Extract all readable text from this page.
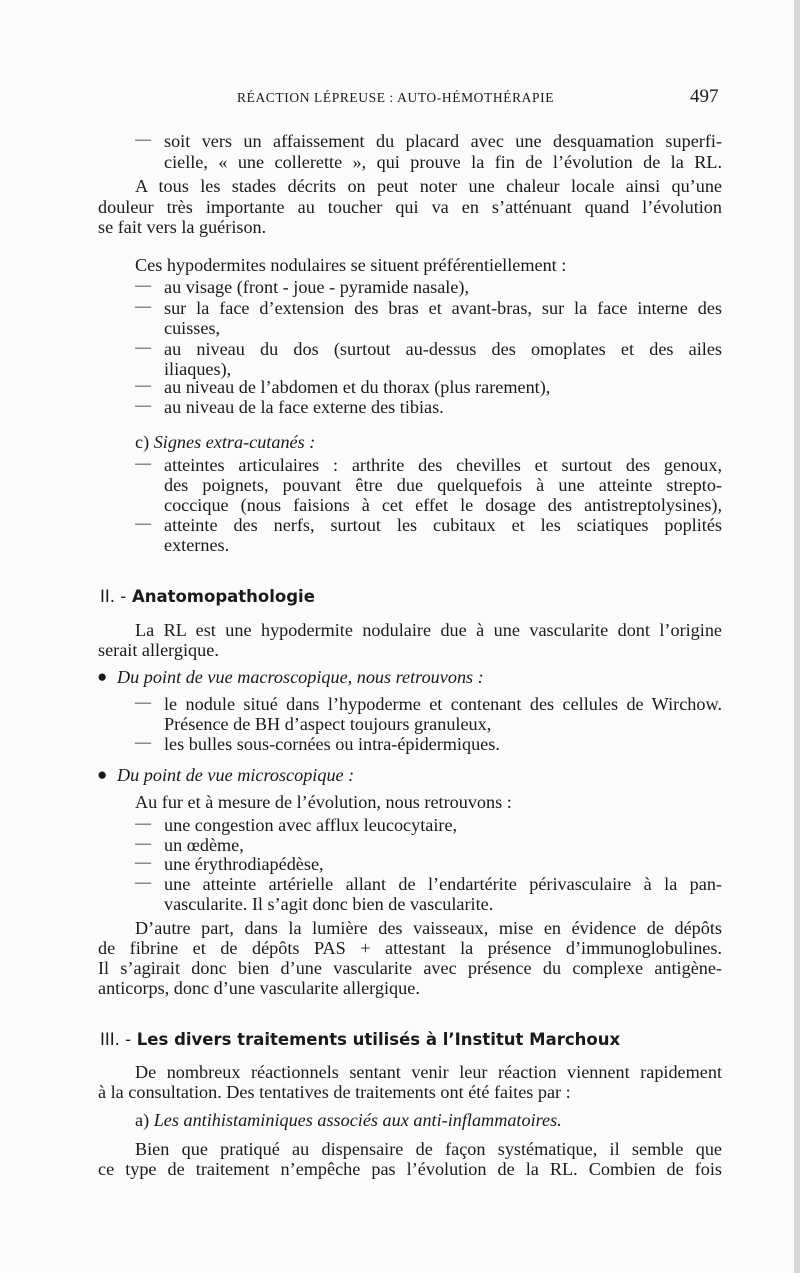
RÉACTION LÉPREUSE : AUTO-HÉMOTHÉRAPIE	497
— soit vers un affaissement du placard avec une desquamation superfi-
cielle, « une collerette », qui prouve la fin de l’évolution de la RL.
A tous les stades décrits on peut noter une chaleur locale ainsi qu’une
douleur très importante au toucher qui va en s’atténuant quand l’évolution
se fait vers la guérison.
Ces hypodermites nodulaires se situent préférentiellement :
— au visage (front - joue - pyramide nasale),
— sur la face d’extension des bras et avant-bras, sur la face interne des
cuisses,
— au niveau du dos (surtout au-dessus des omoplates et des ailes
iliaques),
— au niveau de l’abdomen et du thorax (plus rarement),
— au niveau de la face externe des tibias.
c) Signes extra-cutanés :
— atteintes articulaires : arthrite des chevilles et surtout des genoux,
des poignets, pouvant être due quelquefois à une atteinte strepto-
coccique (nous faisions à cet effet le dosage des antistreptolysines),
— atteinte des nerfs, surtout les cubitaux et les sciatiques poplités
externes.
II. - Anatomopathologie
La RL est une hypodermite nodulaire due à une vascularite dont l’origine
serait allergique.
● Du point de vue macroscopique, nous retrouvons :
— le nodule situé dans l’hypoderme et contenant des cellules de Wirchow.
Présence de BH d’aspect toujours granuleux,
— les bulles sous-cornées ou intra-épidermiques.
● Du point de vue microscopique :
Au fur et à mesure de l’évolution, nous retrouvons :
— une congestion avec afflux leucocytaire,
— un œdème,
— une érythrodiapédèse,
— une atteinte artérielle allant de l’endartérite périvasculaire à la pan-
vascularite. Il s’agit donc bien de vascularite.
D’autre part, dans la lumière des vaisseaux, mise en évidence de dépôts
de fibrine et de dépôts PAS + attestant la présence d’immunoglobulines.
Il s’agirait donc bien d’une vascularite avec présence du complexe antigène-
anticorps, donc d’une vascularite allergique.
III. - Les divers traitements utilisés à l’Institut Marchoux
De nombreux réactionnels sentant venir leur réaction viennent rapidement
à la consultation. Des tentatives de traitements ont été faites par :
a) Les antihistaminiques associés aux anti-inflammatoires.
Bien que pratiqué au dispensaire de façon systématique, il semble que
ce type de traitement n’empêche pas l’évolution de la RL. Combien de fois
